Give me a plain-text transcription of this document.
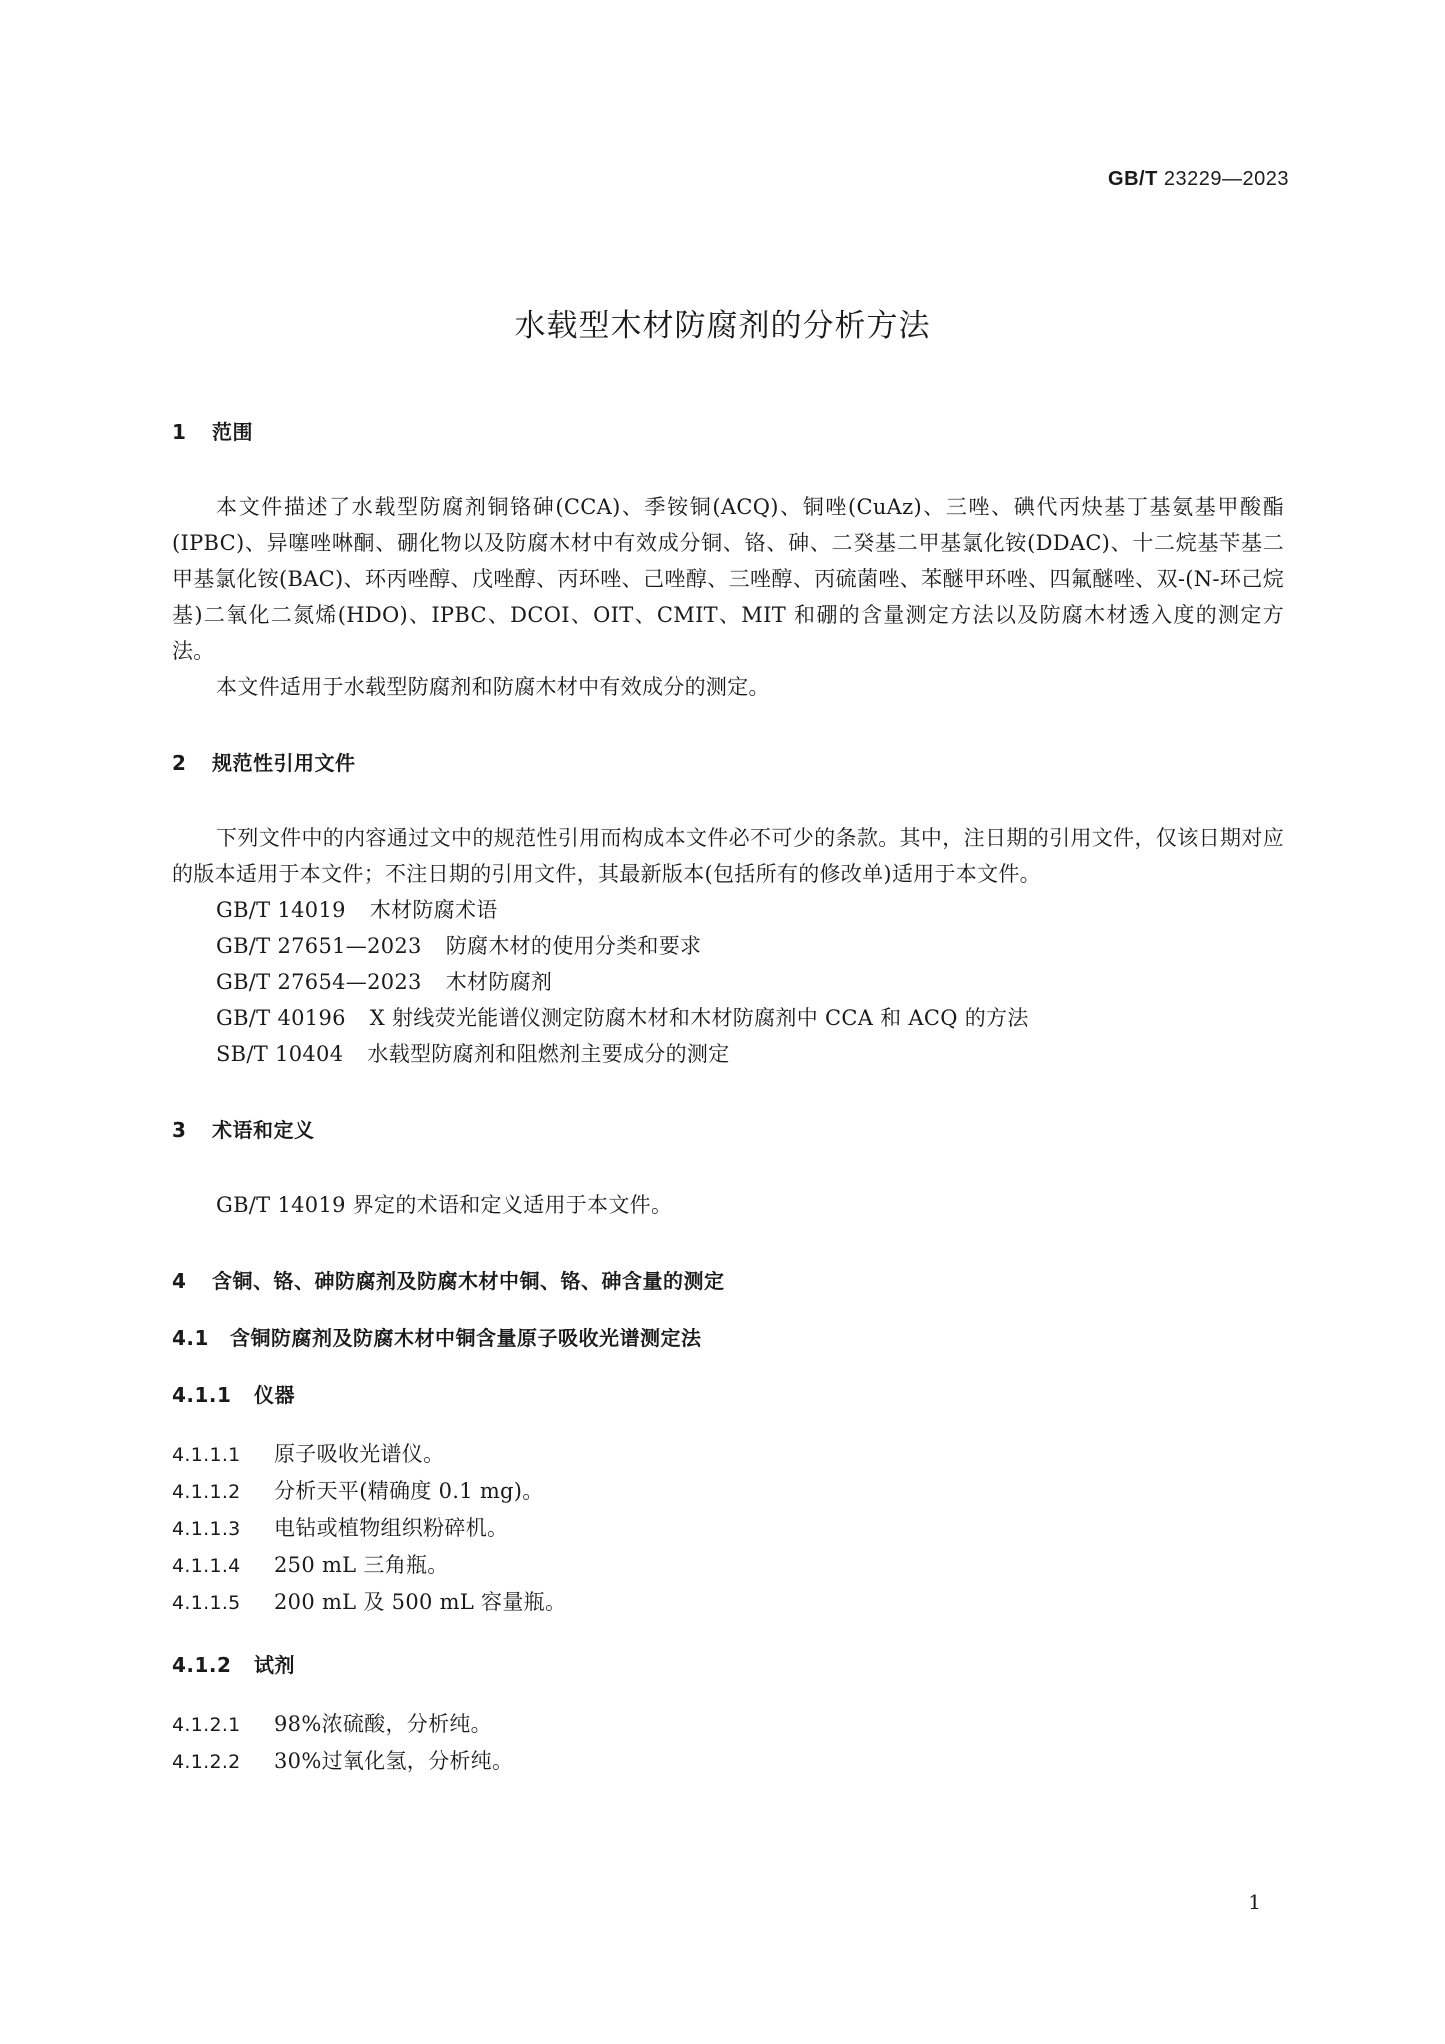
GB/T 23229—2023
水载型木材防腐剂的分析方法
1 范围

本文件描述了水载型防腐剂铜铬砷(CCA)、季铵铜(ACQ)、铜唑(CuAz)、三唑、碘代丙炔基丁基氨基甲酸酯(IPBC)、异噻唑啉酮、硼化物以及防腐木材中有效成分铜、铬、砷、二癸基二甲基氯化铵(DDAC)、十二烷基苄基二甲基氯化铵(BAC)、环丙唑醇、戊唑醇、丙环唑、己唑醇、三唑醇、丙硫菌唑、苯醚甲环唑、四氟醚唑、双-(N-环己烷基)二氧化二氮烯(HDO)、IPBC、DCOI、OIT、CMIT、MIT 和硼的含量测定方法以及防腐木材透入度的测定方法。

本文件适用于水载型防腐剂和防腐木材中有效成分的测定。

2 规范性引用文件

下列文件中的内容通过文中的规范性引用而构成本文件必不可少的条款。其中，注日期的引用文件，仅该日期对应的版本适用于本文件；不注日期的引用文件，其最新版本(包括所有的修改单)适用于本文件。

GB/T 14019 木材防腐术语
GB/T 27651—2023 防腐木材的使用分类和要求
GB/T 27654—2023 木材防腐剂
GB/T 40196 X 射线荧光能谱仪测定防腐木材和木材防腐剂中 CCA 和 ACQ 的方法
SB/T 10404 水载型防腐剂和阻燃剂主要成分的测定
3 术语和定义

GB/T 14019 界定的术语和定义适用于本文件。

4 含铜、铬、砷防腐剂及防腐木材中铜、铬、砷含量的测定
4.1 含铜防腐剂及防腐木材中铜含量原子吸收光谱测定法
4.1.1 仪器
4.1.1.1 原子吸收光谱仪。
4.1.1.2 分析天平(精确度 0.1 mg)。
4.1.1.3 电钻或植物组织粉碎机。
4.1.1.4 250 mL 三角瓶。
4.1.1.5 200 mL 及 500 mL 容量瓶。
4.1.2 试剂
4.1.2.1 98%浓硫酸，分析纯。
4.1.2.2 30%过氧化氢，分析纯。
1
